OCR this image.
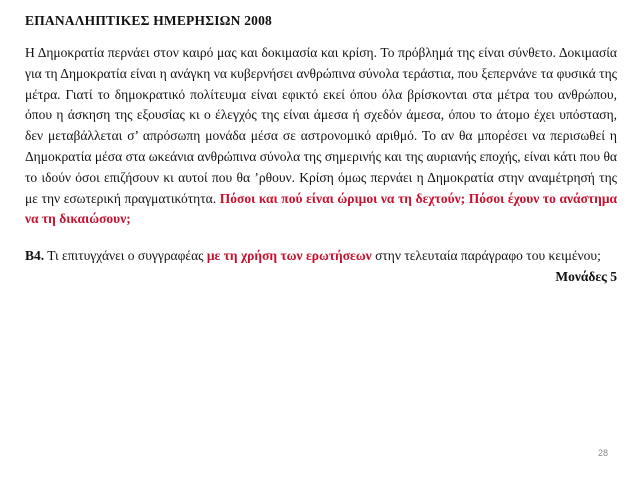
ΕΠΑΝΑΛΗΠΤΙΚΕΣ ΗΜΕΡΗΣΙΩΝ 2008

Η Δημοκρατία περνάει στον καιρό μας και δοκιμασία και κρίση. Το πρόβλημά της είναι σύνθετο. Δοκιμασία για τη Δημοκρατία είναι η ανάγκη να κυβερνήσει ανθρώπινα σύνολα τεράστια, που ξεπερνάνε τα φυσικά της μέτρα. Γιατί το δημοκρατικό πολίτευμα είναι εφικτό εκεί όπου όλα βρίσκονται στα μέτρα του ανθρώπου, όπου η άσκηση της εξουσίας κι ο έλεγχός της είναι άμεσα ή σχεδόν άμεσα, όπου το άτομο έχει υπόσταση, δεν μεταβάλλεται σ’ απρόσωπη μονάδα μέσα σε αστρονομικό αριθμό. Το αν θα μπορέσει να περισωθεί η Δημοκρατία μέσα στα ωκεάνια ανθρώπινα σύνολα της σημερινής και της αυριανής εποχής, είναι κάτι που θα το ιδούν όσοι επιζήσουν κι αυτοί που θα ’ρθουν. Κρίση όμως περνάει η Δημοκρατία στην αναμέτρησή της με την εσωτερική πραγματικότητα. Πόσοι και πού είναι ώριμοι να τη δεχτούν; Πόσοι έχουν το ανάστημα να τη δικαιώσουν;

Β4. Τι επιτυγχάνει ο συγγραφέας με τη χρήση των ερωτήσεων στην τελευταία παράγραφο του κειμένου;

Μονάδες 5

28
